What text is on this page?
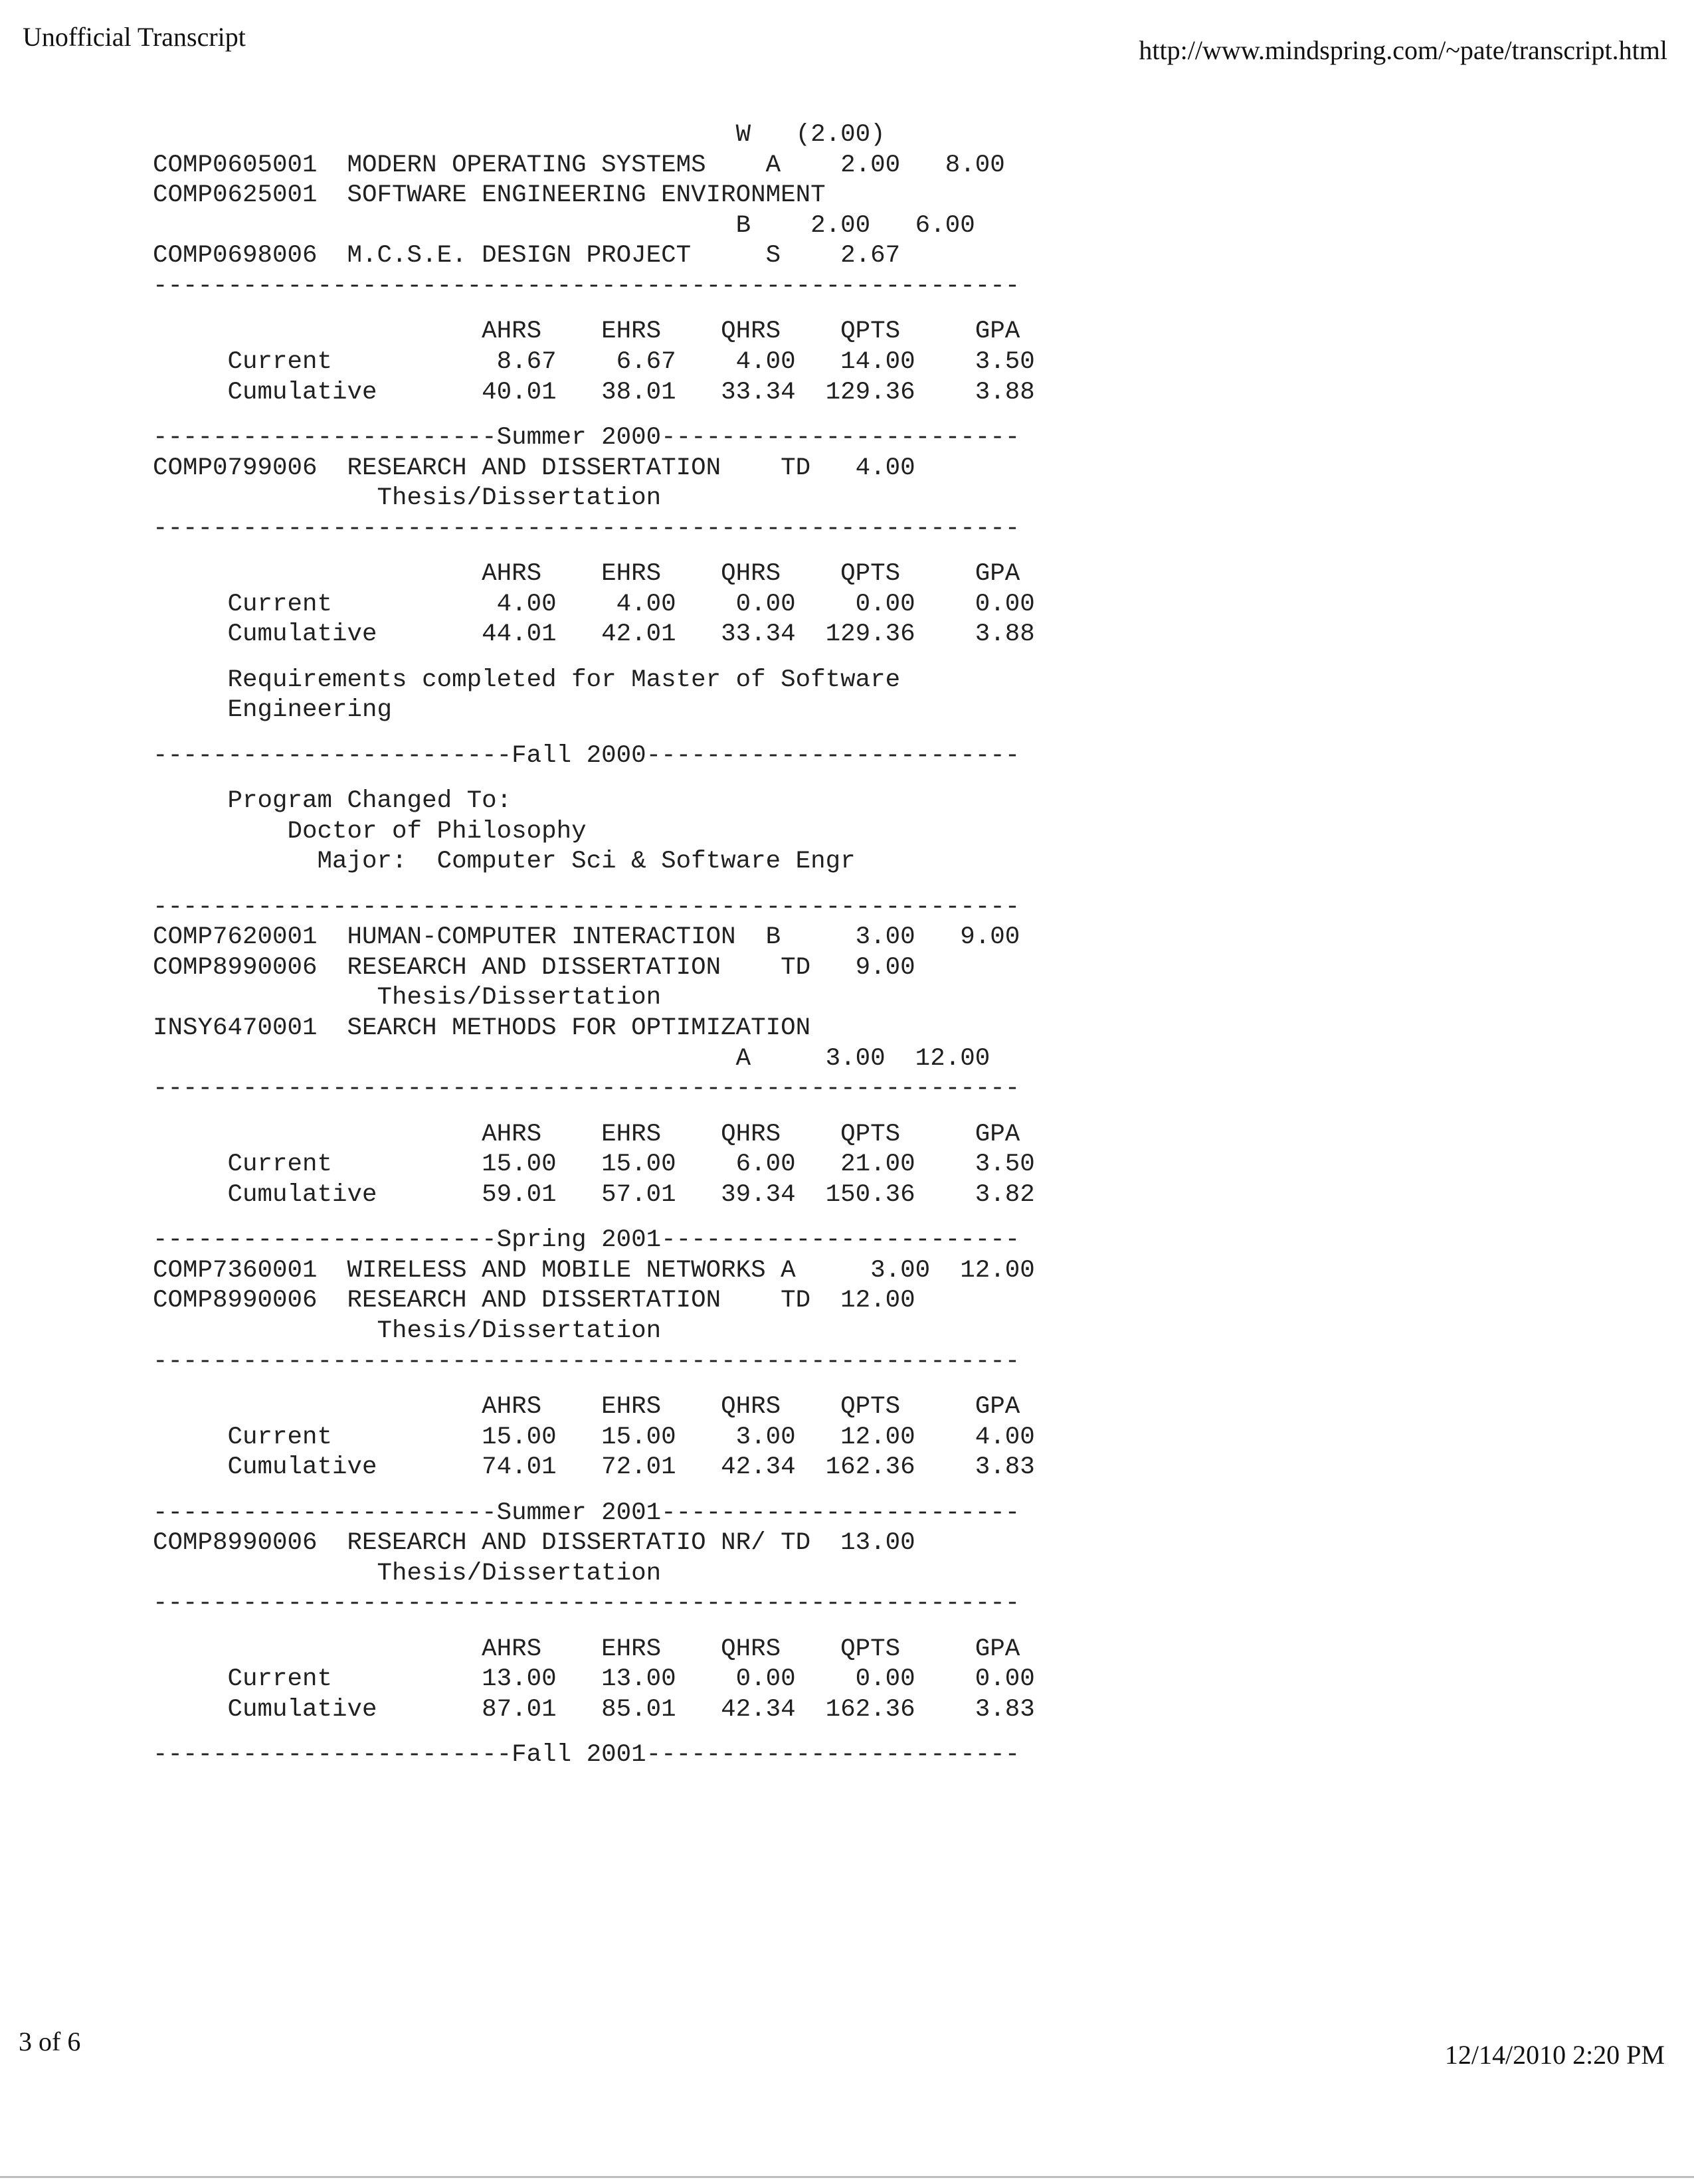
Unofficial Transcript	http://www.mindspring.com/~pate/transcript.html
W   (2.00)
COMP0605001  MODERN OPERATING SYSTEMS    A    2.00   8.00
COMP0625001  SOFTWARE ENGINEERING ENVIRONMENT
B    2.00   6.00
COMP0698006  M.C.S.E. DESIGN PROJECT     S    2.67
----------------------------------------------------------
AHRS    EHRS    QHRS    QPTS     GPA
Current           8.67    6.67    4.00   14.00    3.50
Cumulative       40.01   38.01   33.34  129.36    3.88
-----------------------Summer 2000------------------------
COMP0799006  RESEARCH AND DISSERTATION    TD   4.00
Thesis/Dissertation
----------------------------------------------------------
AHRS    EHRS    QHRS    QPTS     GPA
Current           4.00    4.00    0.00    0.00    0.00
Cumulative       44.01   42.01   33.34  129.36    3.88
Requirements completed for Master of Software
Engineering
------------------------Fall 2000-------------------------
Program Changed To:
Doctor of Philosophy
Major:  Computer Sci & Software Engr
----------------------------------------------------------
COMP7620001  HUMAN-COMPUTER INTERACTION  B     3.00   9.00
COMP8990006  RESEARCH AND DISSERTATION    TD   9.00
Thesis/Dissertation
INSY6470001  SEARCH METHODS FOR OPTIMIZATION
A     3.00  12.00
----------------------------------------------------------
AHRS    EHRS    QHRS    QPTS     GPA
Current          15.00   15.00    6.00   21.00    3.50
Cumulative       59.01   57.01   39.34  150.36    3.82
-----------------------Spring 2001------------------------
COMP7360001  WIRELESS AND MOBILE NETWORKS A     3.00  12.00
COMP8990006  RESEARCH AND DISSERTATION    TD  12.00
Thesis/Dissertation
----------------------------------------------------------
AHRS    EHRS    QHRS    QPTS     GPA
Current          15.00   15.00    3.00   12.00    4.00
Cumulative       74.01   72.01   42.34  162.36    3.83
-----------------------Summer 2001------------------------
COMP8990006  RESEARCH AND DISSERTATIO NR/ TD  13.00
Thesis/Dissertation
----------------------------------------------------------
AHRS    EHRS    QHRS    QPTS     GPA
Current          13.00   13.00    0.00    0.00    0.00
Cumulative       87.01   85.01   42.34  162.36    3.83
------------------------Fall 2001-------------------------
3 of 6	12/14/2010 2:20 PM
